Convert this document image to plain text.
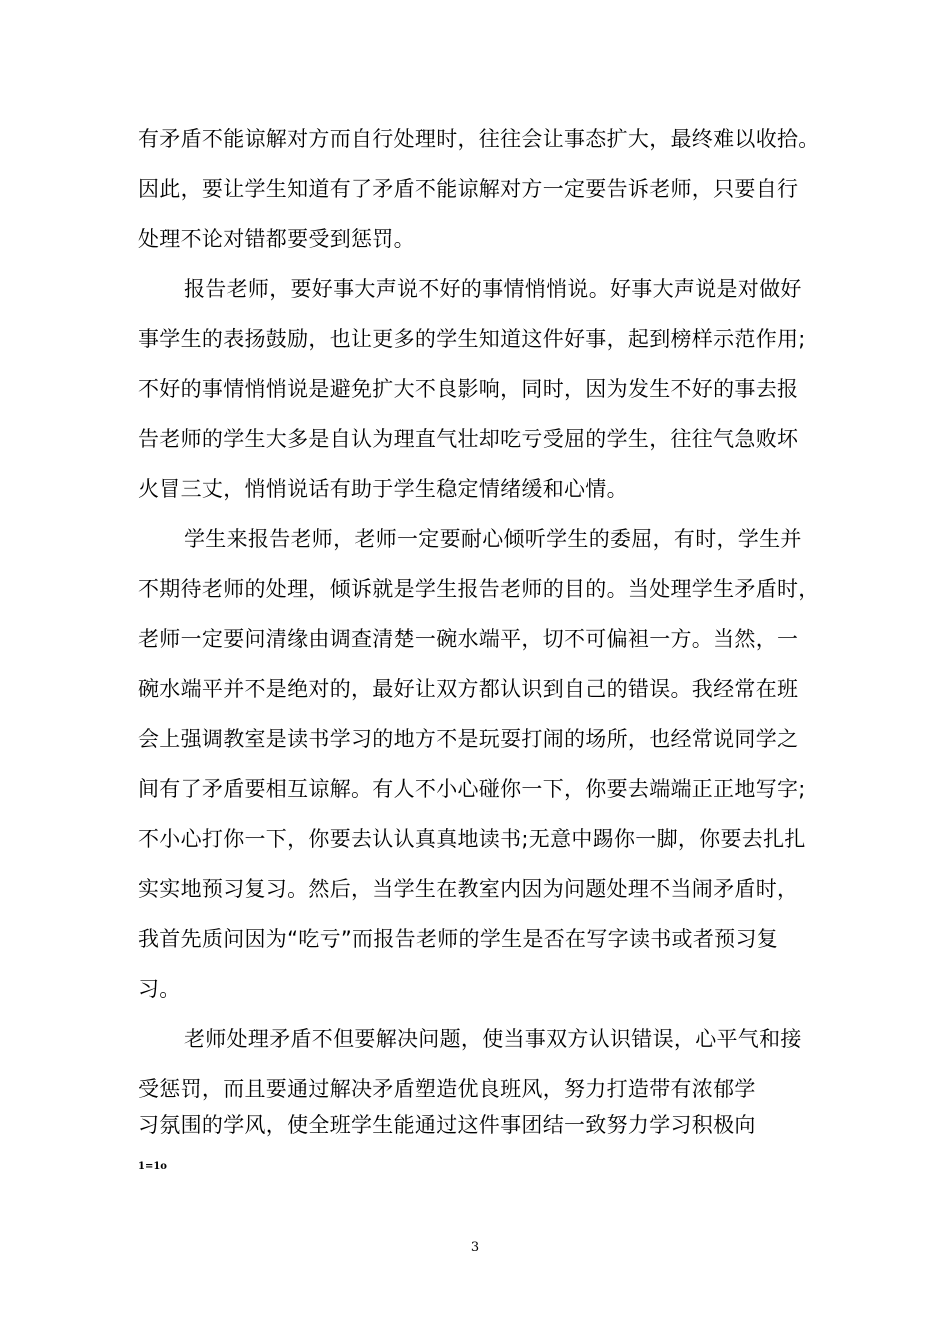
有矛盾不能谅解对方而自行处理时，往往会让事态扩大，最终难以收拾。
因此，要让学生知道有了矛盾不能谅解对方一定要告诉老师，只要自行
处理不论对错都要受到惩罚。
报告老师，要好事大声说不好的事情悄悄说。好事大声说是对做好
事学生的表扬鼓励，也让更多的学生知道这件好事，起到榜样示范作用;
不好的事情悄悄说是避免扩大不良影响，同时，因为发生不好的事去报
告老师的学生大多是自认为理直气壮却吃亏受屈的学生，往往气急败坏
火冒三丈，悄悄说话有助于学生稳定情绪缓和心情。
学生来报告老师，老师一定要耐心倾听学生的委屈，有时，学生并
不期待老师的处理，倾诉就是学生报告老师的目的。当处理学生矛盾时，
老师一定要问清缘由调查清楚一碗水端平，切不可偏袒一方。当然，一
碗水端平并不是绝对的，最好让双方都认识到自己的错误。我经常在班
会上强调教室是读书学习的地方不是玩耍打闹的场所，也经常说同学之
间有了矛盾要相互谅解。有人不小心碰你一下，你要去端端正正地写字;
不小心打你一下，你要去认认真真地读书;无意中踢你一脚，你要去扎扎
实实地预习复习。然后，当学生在教室内因为问题处理不当闹矛盾时，
我首先质问因为“吃亏”而报告老师的学生是否在写字读书或者预习复
习。
老师处理矛盾不但要解决问题，使当事双方认识错误，心平气和接
受惩罚，而且要通过解决矛盾塑造优良班风，努力打造带有浓郁学
习氛围的学风，使全班学生能通过这件事团结一致努力学习积极向
1=1o
3
